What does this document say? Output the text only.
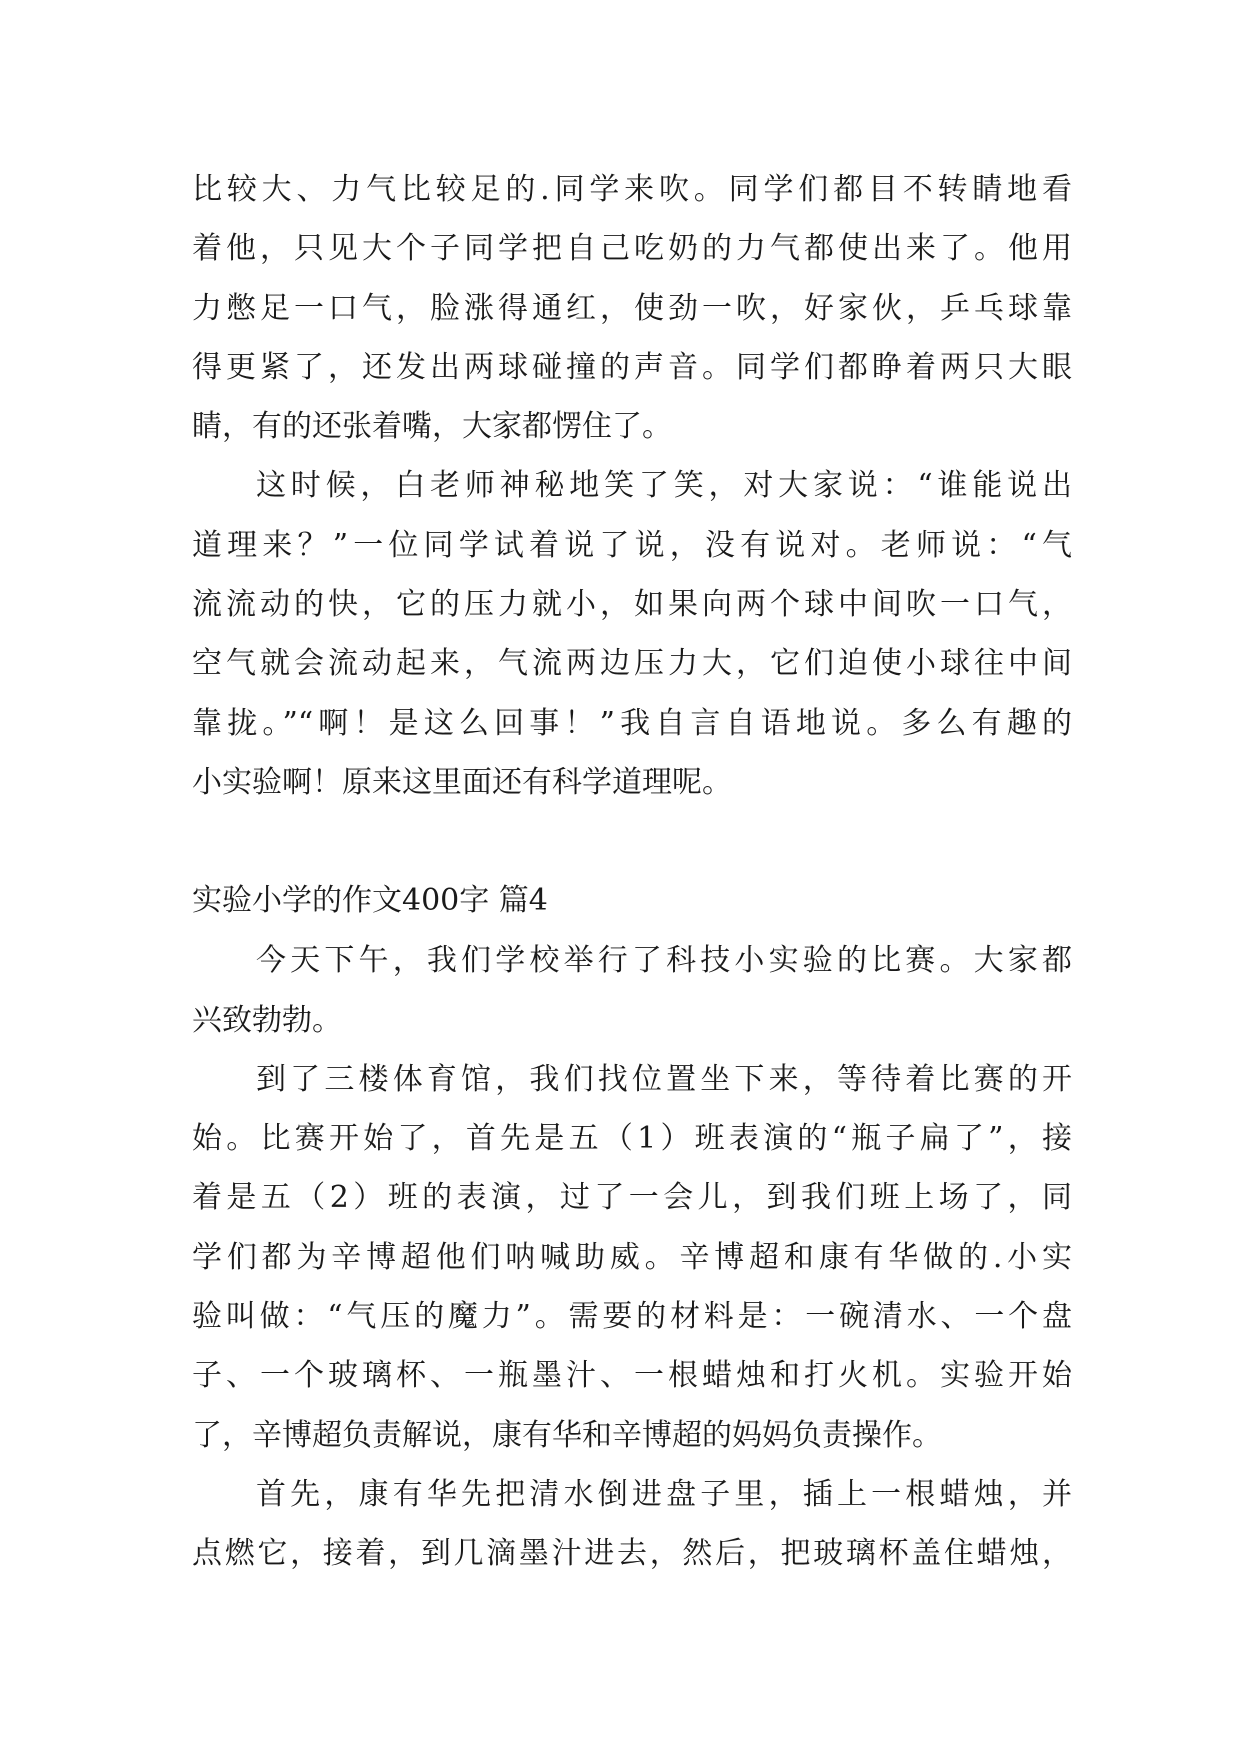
比较大、力气比较足的.同学来吹。同学们都目不转睛地看
着他，只见大个子同学把自己吃奶的力气都使出来了。他用
力憋足一口气，脸涨得通红，使劲一吹，好家伙，乒乓球靠
得更紧了，还发出两球碰撞的声音。同学们都睁着两只大眼
睛，有的还张着嘴，大家都愣住了。
这时候，白老师神秘地笑了笑，对大家说：“谁能说出
道理来？”一位同学试着说了说，没有说对。老师说：“气
流流动的快，它的压力就小，如果向两个球中间吹一口气，
空气就会流动起来，气流两边压力大，它们迫使小球往中间
靠拢。”“啊！是这么回事！”我自言自语地说。多么有趣的
小实验啊！原来这里面还有科学道理呢。
实验小学的作文400字 篇4
今天下午，我们学校举行了科技小实验的比赛。大家都
兴致勃勃。
到了三楼体育馆，我们找位置坐下来，等待着比赛的开
始。比赛开始了，首先是五（1）班表演的“瓶子扁了”，接
着是五（2）班的表演，过了一会儿，到我们班上场了，同
学们都为辛博超他们呐喊助威。辛博超和康有华做的.小实
验叫做：“气压的魔力”。需要的材料是：一碗清水、一个盘
子、一个玻璃杯、一瓶墨汁、一根蜡烛和打火机。实验开始
了，辛博超负责解说，康有华和辛博超的妈妈负责操作。
首先，康有华先把清水倒进盘子里，插上一根蜡烛，并
点燃它，接着，到几滴墨汁进去，然后，把玻璃杯盖住蜡烛，
